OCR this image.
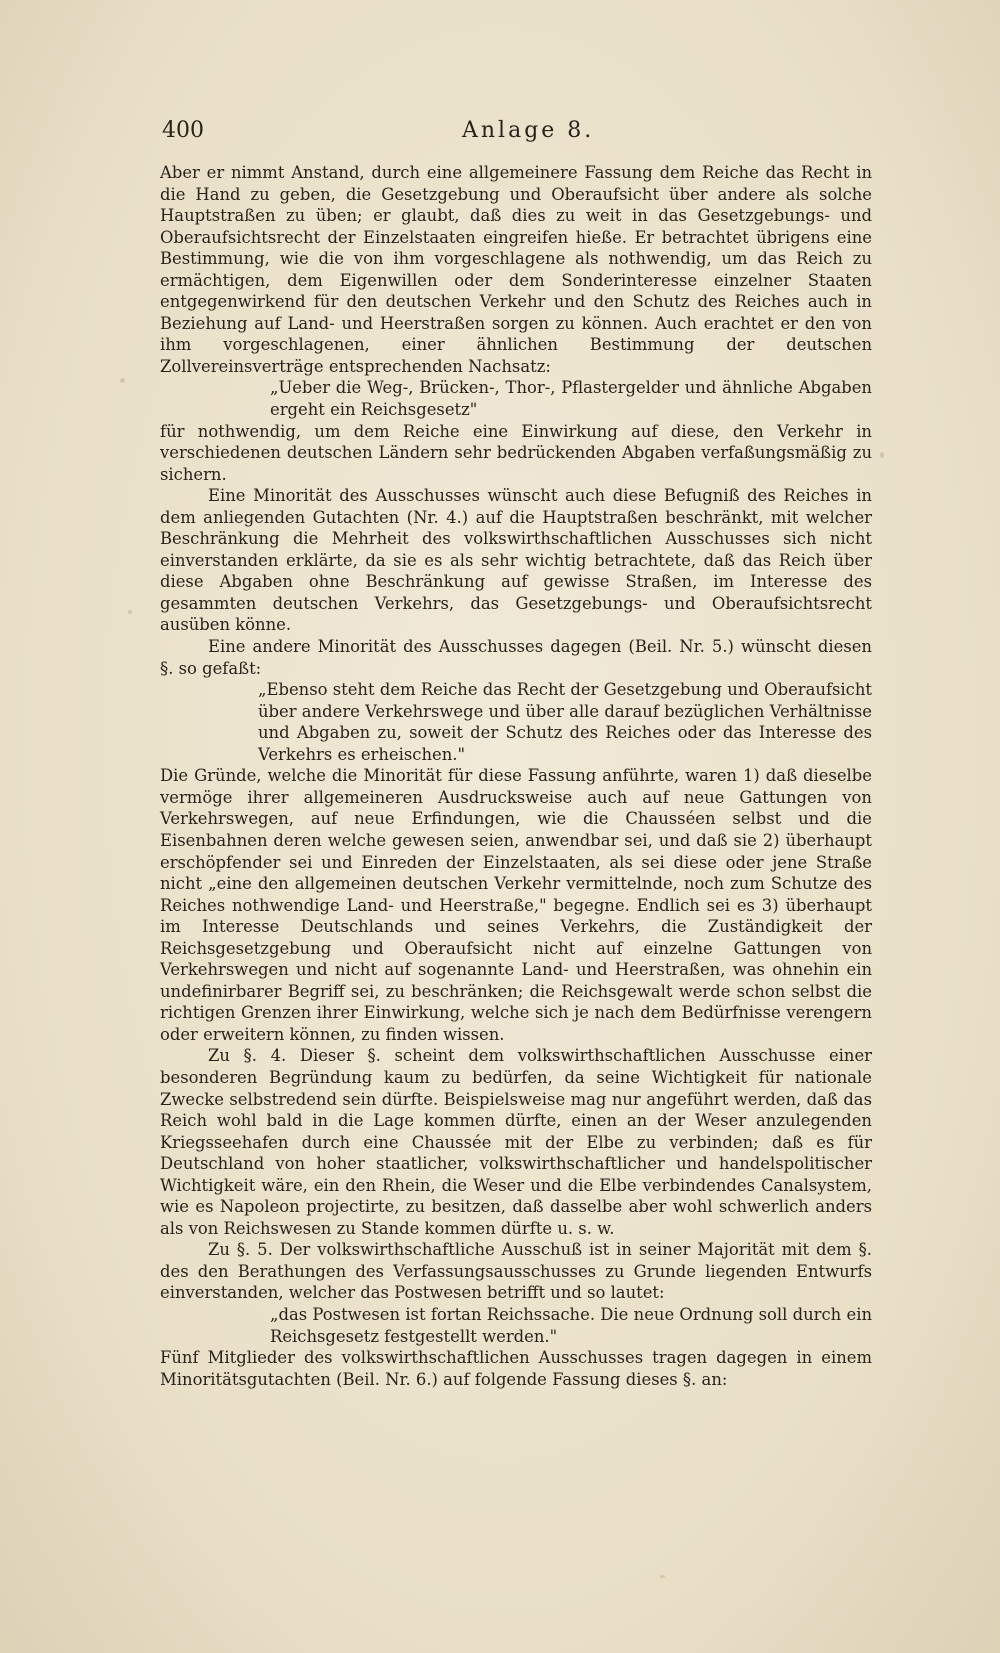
400	Anlage 8.

Aber er nimmt Anstand, durch eine allgemeinere Fassung dem Reiche das Recht in die Hand zu geben, die Gesetzgebung und Oberaufsicht über andere als solche Hauptstraßen zu üben; er glaubt, daß dies zu weit in das Gesetzgebungs- und Oberaufsichtsrecht der Einzelstaaten eingreifen hieße. Er betrachtet übrigens eine Bestimmung, wie die von ihm vorgeschlagene als nothwendig, um das Reich zu ermächtigen, dem Eigenwillen oder dem Sonderinteresse einzelner Staaten entgegenwirkend für den deutschen Verkehr und den Schutz des Reiches auch in Beziehung auf Land- und Heerstraßen sorgen zu können. Auch erachtet er den von ihm vorgeschlagenen, einer ähnlichen Bestimmung der deutschen Zollvereinsverträge entsprechenden Nachsatz:

„Ueber die Weg-, Brücken-, Thor-, Pflastergelder und ähnliche Abgaben ergeht ein Reichsgesetz"

für nothwendig, um dem Reiche eine Einwirkung auf diese, den Verkehr in verschiedenen deutschen Ländern sehr bedrückenden Abgaben verfaßungsmäßig zu sichern.

Eine Minorität des Ausschusses wünscht auch diese Befugniß des Reiches in dem anliegenden Gutachten (Nr. 4.) auf die Hauptstraßen beschränkt, mit welcher Beschränkung die Mehrheit des volkswirthschaftlichen Ausschusses sich nicht einverstanden erklärte, da sie es als sehr wichtig betrachtete, daß das Reich über diese Abgaben ohne Beschränkung auf gewisse Straßen, im Interesse des gesammten deutschen Verkehrs, das Gesetzgebungs- und Oberaufsichtsrecht ausüben könne.

Eine andere Minorität des Ausschusses dagegen (Beil. Nr. 5.) wünscht diesen §. so gefaßt:

„Ebenso steht dem Reiche das Recht der Gesetzgebung und Oberaufsicht über andere Verkehrswege und über alle darauf bezüglichen Verhältnisse und Abgaben zu, soweit der Schutz des Reiches oder das Interesse des Verkehrs es erheischen."

Die Gründe, welche die Minorität für diese Fassung anführte, waren 1) daß dieselbe vermöge ihrer allgemeineren Ausdrucksweise auch auf neue Gattungen von Verkehrswegen, auf neue Erfindungen, wie die Chausséen selbst und die Eisenbahnen deren welche gewesen seien, anwendbar sei, und daß sie 2) überhaupt erschöpfender sei und Einreden der Einzelstaaten, als sei diese oder jene Straße nicht „eine den allgemeinen deutschen Verkehr vermittelnde, noch zum Schutze des Reiches nothwendige Land- und Heerstraße," begegne. Endlich sei es 3) überhaupt im Interesse Deutschlands und seines Verkehrs, die Zuständigkeit der Reichsgesetzgebung und Oberaufsicht nicht auf einzelne Gattungen von Verkehrswegen und nicht auf sogenannte Land- und Heerstraßen, was ohnehin ein undefinirbarer Begriff sei, zu beschränken; die Reichsgewalt werde schon selbst die richtigen Grenzen ihrer Einwirkung, welche sich je nach dem Bedürfnisse verengern oder erweitern können, zu finden wissen.

Zu §. 4. Dieser §. scheint dem volkswirthschaftlichen Ausschusse einer besonderen Begründung kaum zu bedürfen, da seine Wichtigkeit für nationale Zwecke selbstredend sein dürfte. Beispielsweise mag nur angeführt werden, daß das Reich wohl bald in die Lage kommen dürfte, einen an der Weser anzulegenden Kriegsseehafen durch eine Chaussée mit der Elbe zu verbinden; daß es für Deutschland von hoher staatlicher, volkswirthschaftlicher und handelspolitischer Wichtigkeit wäre, ein den Rhein, die Weser und die Elbe verbindendes Canalsystem, wie es Napoleon projectirte, zu besitzen, daß dasselbe aber wohl schwerlich anders als von Reichswesen zu Stande kommen dürfte u. s. w.

Zu §. 5. Der volkswirthschaftliche Ausschuß ist in seiner Majorität mit dem §. des den Berathungen des Verfassungsausschusses zu Grunde liegenden Entwurfs einverstanden, welcher das Postwesen betrifft und so lautet:

„das Postwesen ist fortan Reichssache. Die neue Ordnung soll durch ein Reichsgesetz festgestellt werden."

Fünf Mitglieder des volkswirthschaftlichen Ausschusses tragen dagegen in einem Minoritätsgutachten (Beil. Nr. 6.) auf folgende Fassung dieses §. an:
